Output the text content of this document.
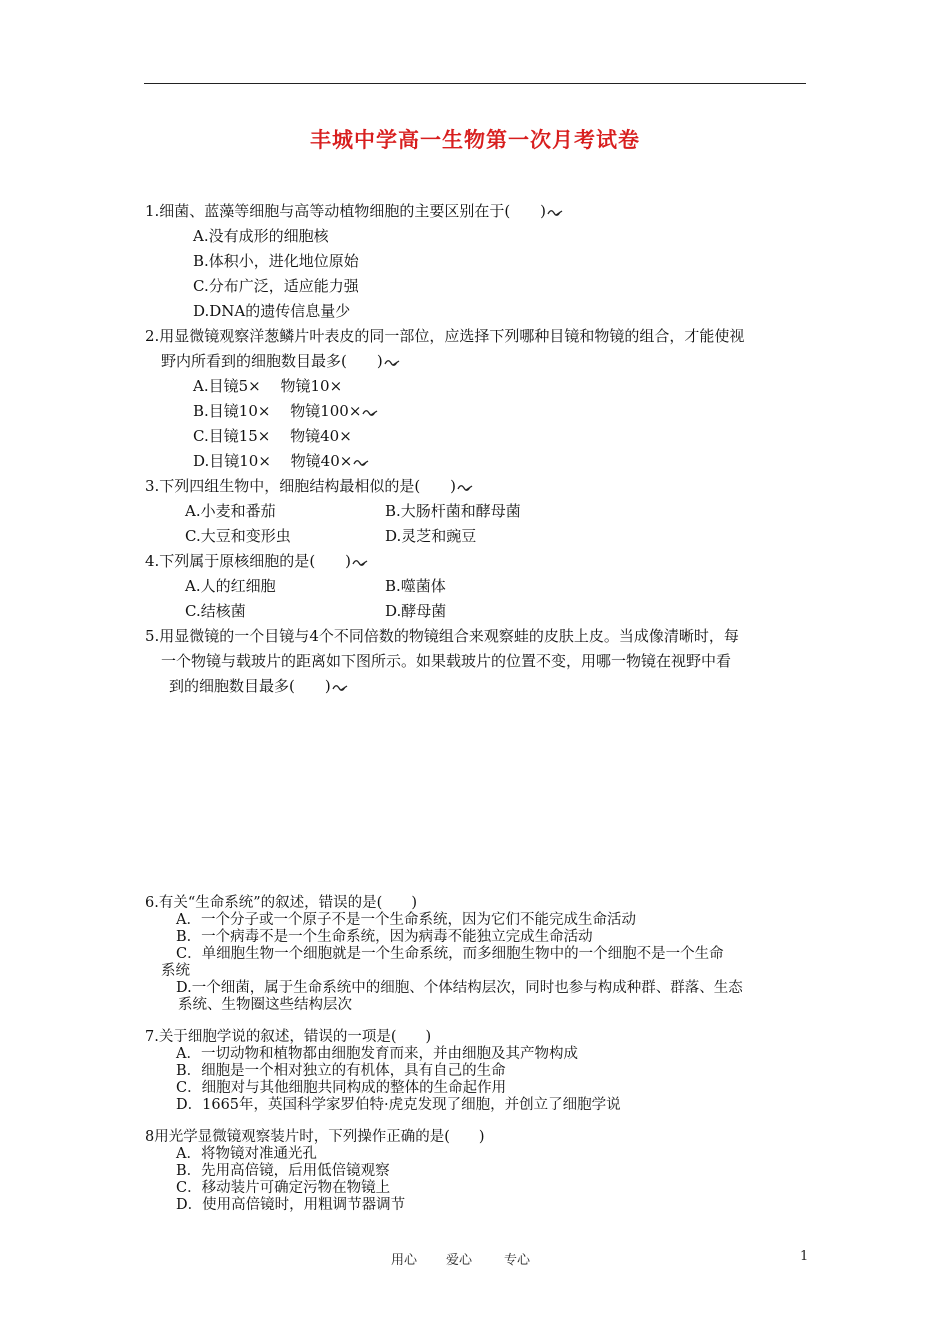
丰城中学高一生物第一次月考试卷
1.细菌、蓝藻等细胞与高等动植物细胞的主要区别在于(　　)
A.没有成形的细胞核
B.体积小，进化地位原始
C.分布广泛，适应能力强
D.DNA的遗传信息量少
2.用显微镜观察洋葱鳞片叶表皮的同一部位，应选择下列哪种目镜和物镜的组合，才能使视
野内所看到的细胞数目最多(　　)
A.目镜5×　 物镜10×
B.目镜10×　 物镜100×
C.目镜15×　 物镜40×
D.目镜10×　 物镜40×
3.下列四组生物中，细胞结构最相似的是(　　)
A.小麦和番茄	B.大肠杆菌和酵母菌
C.大豆和变形虫	D.灵芝和豌豆
4.下列属于原核细胞的是(　　)
A.人的红细胞	B.噬菌体
C.结核菌	D.酵母菌
5.用显微镜的一个目镜与4个不同倍数的物镜组合来观察蛙的皮肤上皮。当成像清晰时，每
一个物镜与载玻片的距离如下图所示。如果载玻片的位置不变，用哪一物镜在视野中看
到的细胞数目最多(　　)
6.有关“生命系统”的叙述，错误的是(　　)
A．一个分子或一个原子不是一个生命系统，因为它们不能完成生命活动
B．一个病毒不是一个生命系统，因为病毒不能独立完成生命活动
C．单细胞生物一个细胞就是一个生命系统，而多细胞生物中的一个细胞不是一个生命
系统
D.一个细菌，属于生命系统中的细胞、个体结构层次，同时也参与构成种群、群落、生态
系统、生物圈这些结构层次
7.关于细胞学说的叙述，错误的一项是(　　)
A．一切动物和植物都由细胞发育而来，并由细胞及其产物构成
B．细胞是一个相对独立的有机体，具有自己的生命
C．细胞对与其他细胞共同构成的整体的生命起作用
D．1665年，英国科学家罗伯特·虎克发现了细胞，并创立了细胞学说
8用光学显微镜观察装片时，下列操作正确的是(　　)
A．将物镜对准通光孔
B．先用高倍镜，后用低倍镜观察
C．移动装片可确定污物在物镜上
D．使用高倍镜时，用粗调节器调节
用心 爱心 专心	1
